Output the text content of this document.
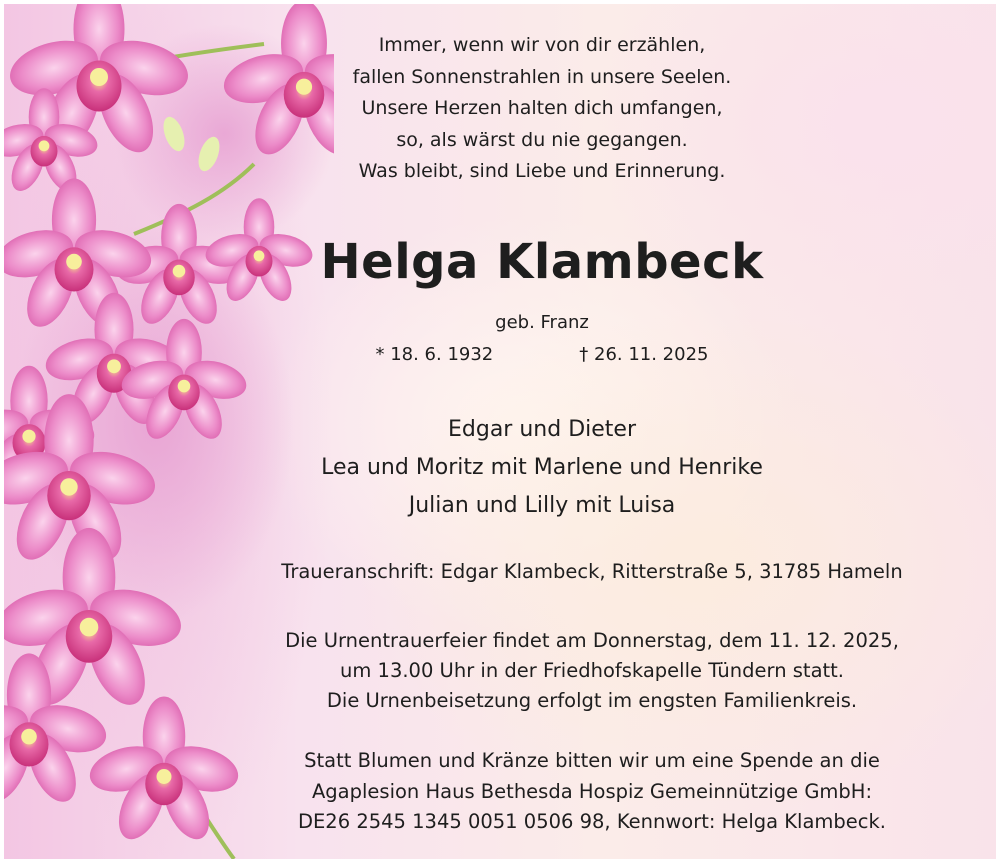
Immer, wenn wir von dir erzählen,
fallen Sonnenstrahlen in unsere Seelen.
Unsere Herzen halten dich umfangen,
so, als wärst du nie gegangen.
Was bleibt, sind Liebe und Erinnerung.
Helga Klambeck
geb. Franz
* 18. 6. 1932	† 26. 11. 2025
Edgar und Dieter
Lea und Moritz mit Marlene und Henrike
Julian und Lilly mit Luisa
Traueranschrift: Edgar Klambeck, Ritterstraße 5, 31785 Hameln
Die Urnentrauerfeier findet am Donnerstag, dem 11. 12. 2025,
um 13.00 Uhr in der Friedhofskapelle Tündern statt.
Die Urnenbeisetzung erfolgt im engsten Familienkreis.
Statt Blumen und Kränze bitten wir um eine Spende an die
Agaplesion Haus Bethesda Hospiz Gemeinnützige GmbH:
DE26 2545 1345 0051 0506 98, Kennwort: Helga Klambeck.
